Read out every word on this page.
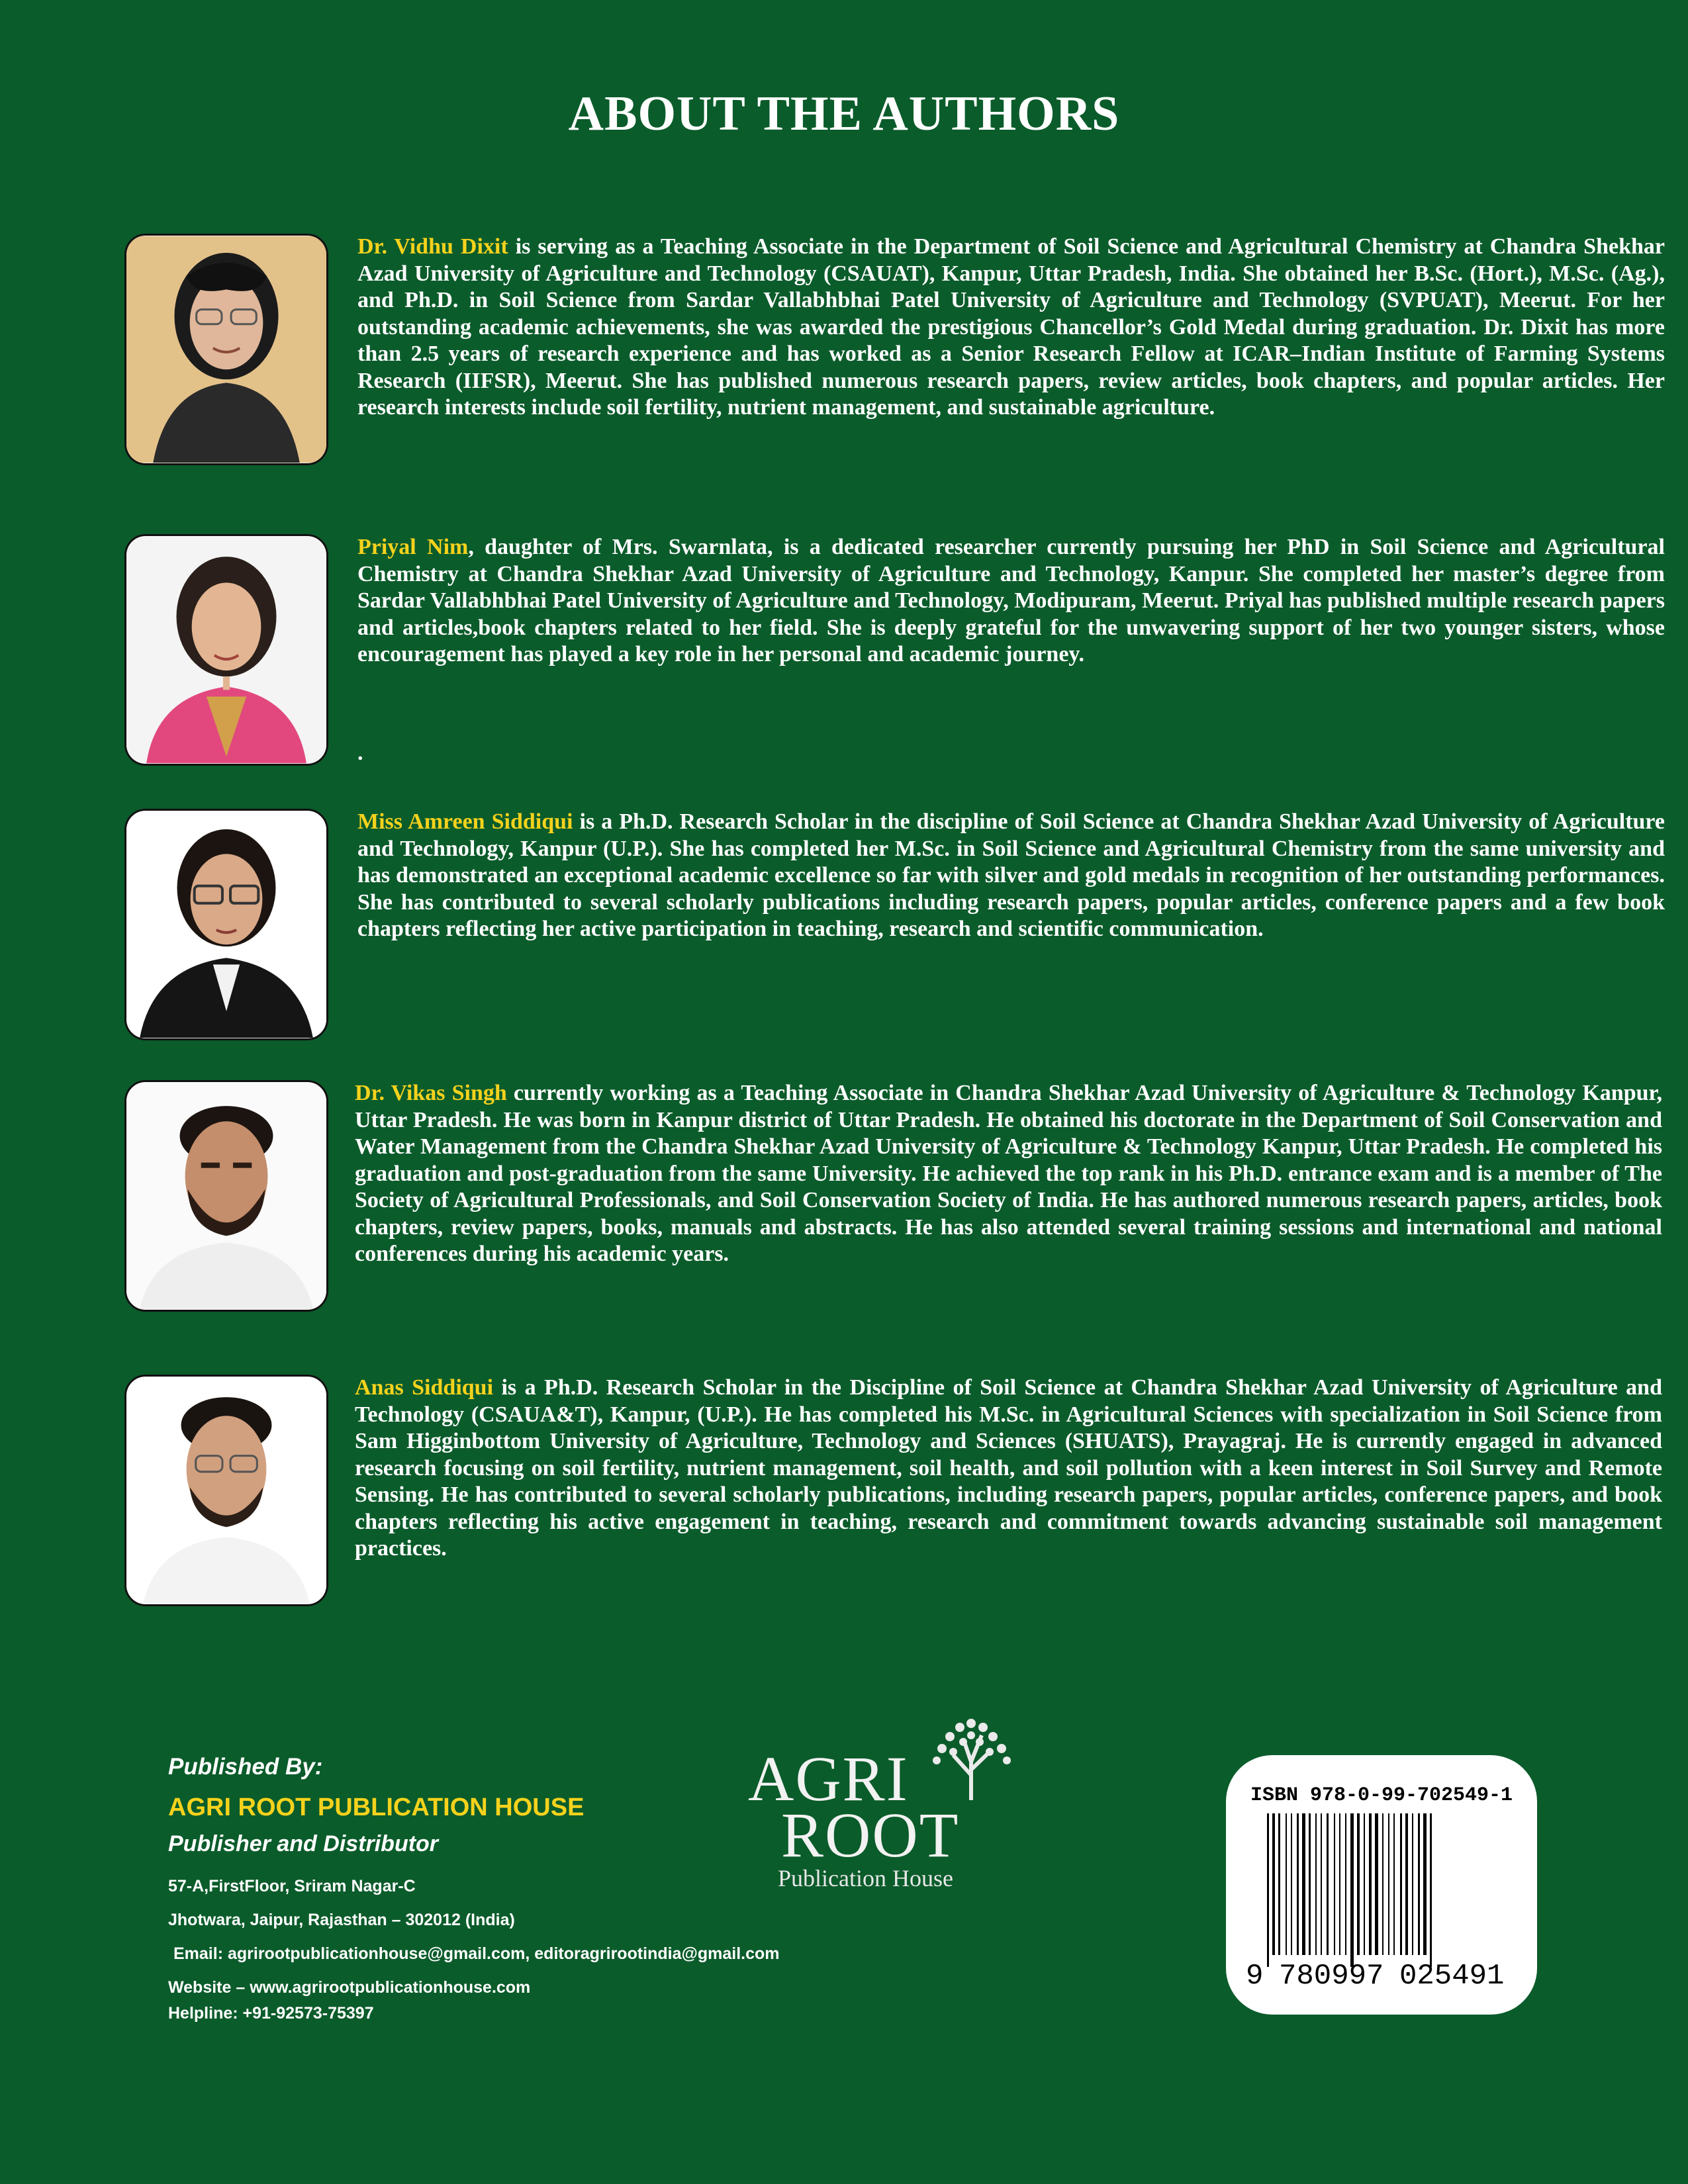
ABOUT THE AUTHORS

Dr. Vidhu Dixit is serving as a Teaching Associate in the Department of Soil Science and Agricultural Chemistry at Chandra Shekhar Azad University of Agriculture and Technology (CSAUAT), Kanpur, Uttar Pradesh, India. She obtained her B.Sc. (Hort.), M.Sc. (Ag.), and Ph.D. in Soil Science from Sardar Vallabhbhai Patel University of Agriculture and Technology (SVPUAT), Meerut. For her outstanding academic achievements, she was awarded the prestigious Chancellor’s Gold Medal during graduation. Dr. Dixit has more than 2.5 years of research experience and has worked as a Senior Research Fellow at ICAR–Indian Institute of Farming Systems Research (IIFSR), Meerut. She has published numerous research papers, review articles, book chapters, and popular articles. Her research interests include soil fertility, nutrient management, and sustainable agriculture.

Priyal Nim, daughter of Mrs. Swarnlata, is a dedicated researcher currently pursuing her PhD in Soil Science and Agricultural Chemistry at Chandra Shekhar Azad University of Agriculture and Technology, Kanpur. She completed her master’s degree from Sardar Vallabhbhai Patel University of Agriculture and Technology, Modipuram, Meerut. Priyal has published multiple research papers and articles,book chapters related to her field. She is deeply grateful for the unwavering support of her two younger sisters, whose encouragement has played a key role in her personal and academic journey.

.

Miss Amreen Siddiqui is a Ph.D. Research Scholar in the discipline of Soil Science at Chandra Shekhar Azad University of Agriculture and Technology, Kanpur (U.P.). She has completed her M.Sc. in Soil Science and Agricultural Chemistry from the same university and has demonstrated an exceptional academic excellence so far with silver and gold medals in recognition of her outstanding performances. She has contributed to several scholarly publications including research papers, popular articles, conference papers and a few book chapters reflecting her active participation in teaching, research and scientific communication.

Dr. Vikas Singh currently working as a Teaching Associate in Chandra Shekhar Azad University of Agriculture & Technology Kanpur, Uttar Pradesh. He was born in Kanpur district of Uttar Pradesh. He obtained his doctorate in the Department of Soil Conservation and Water Management from the Chandra Shekhar Azad University of Agriculture & Technology Kanpur, Uttar Pradesh. He completed his graduation and post-graduation from the same University. He achieved the top rank in his Ph.D. entrance exam and is a member of The Society of Agricultural Professionals, and Soil Conservation Society of India. He has authored numerous research papers, articles, book chapters, review papers, books, manuals and abstracts. He has also attended several training sessions and international and national conferences during his academic years.

Anas Siddiqui is a Ph.D. Research Scholar in the Discipline of Soil Science at Chandra Shekhar Azad University of Agriculture and Technology (CSAUA&T), Kanpur, (U.P.). He has completed his M.Sc. in Agricultural Sciences with specialization in Soil Science from Sam Higginbottom University of Agriculture, Technology and Sciences (SHUATS), Prayagraj. He is currently engaged in advanced research focusing on soil fertility, nutrient management, soil health, and soil pollution with a keen interest in Soil Survey and Remote Sensing. He has contributed to several scholarly publications, including research papers, popular articles, conference papers, and book chapters reflecting his active engagement in teaching, research and commitment towards advancing sustainable soil management practices.

Published By:
AGRI ROOT PUBLICATION HOUSE
Publisher and Distributor
57-A,FirstFloor, Sriram Nagar-C
Jhotwara, Jaipur, Rajasthan – 302012 (India)
Email: agrirootpublicationhouse@gmail.com, editoragrirootindia@gmail.com
Website – www.agrirootpublicationhouse.com
Helpline: +91-92573-75397
AGRI
ROOT
Publication House
ISBN 978-0-99-702549-1
9 780997 025491
